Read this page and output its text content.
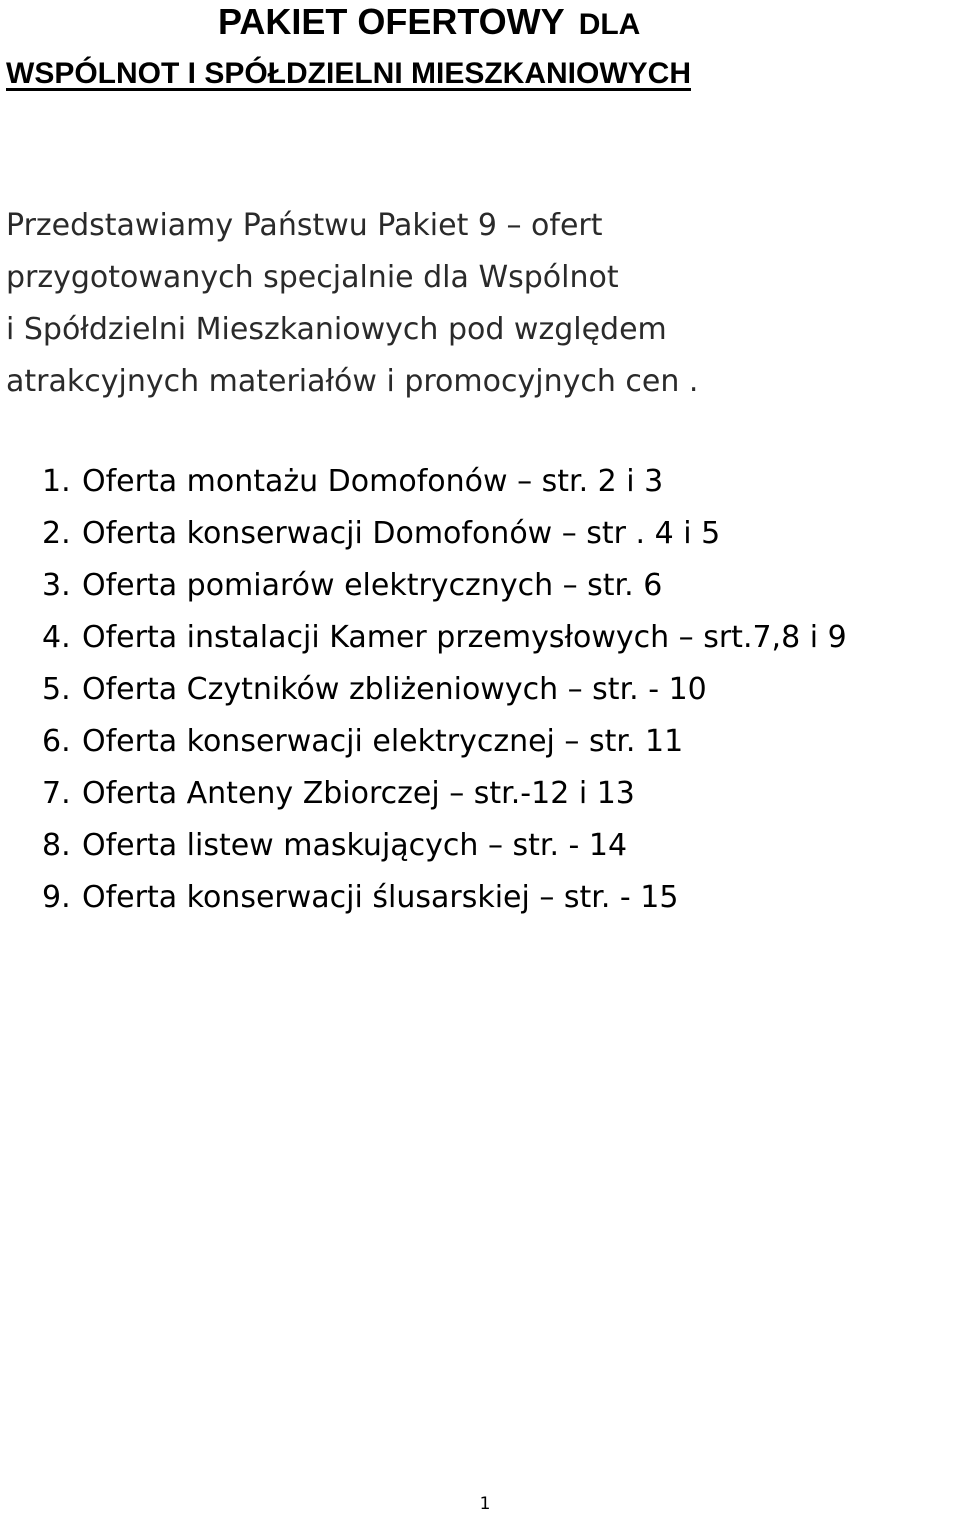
PAKIET OFERTOWY DLA
WSPÓLNOT I SPÓŁDZIELNI MIESZKANIOWYCH
Przedstawiamy Państwu Pakiet 9 – ofert
przygotowanych specjalnie dla Wspólnot
i Spółdzielni Mieszkaniowych pod względem
atrakcyjnych materiałów i promocyjnych cen .
1. Oferta montażu Domofonów – str. 2 i 3
2. Oferta konserwacji Domofonów – str . 4 i 5
3. Oferta pomiarów elektrycznych – str. 6
4. Oferta instalacji Kamer przemysłowych – srt.7,8 i 9
5. Oferta Czytników zbliżeniowych – str. - 10
6. Oferta konserwacji elektrycznej – str. 11
7. Oferta Anteny Zbiorczej – str.-12 i 13
8. Oferta listew maskujących – str. - 14
9. Oferta konserwacji ślusarskiej – str. - 15
1
